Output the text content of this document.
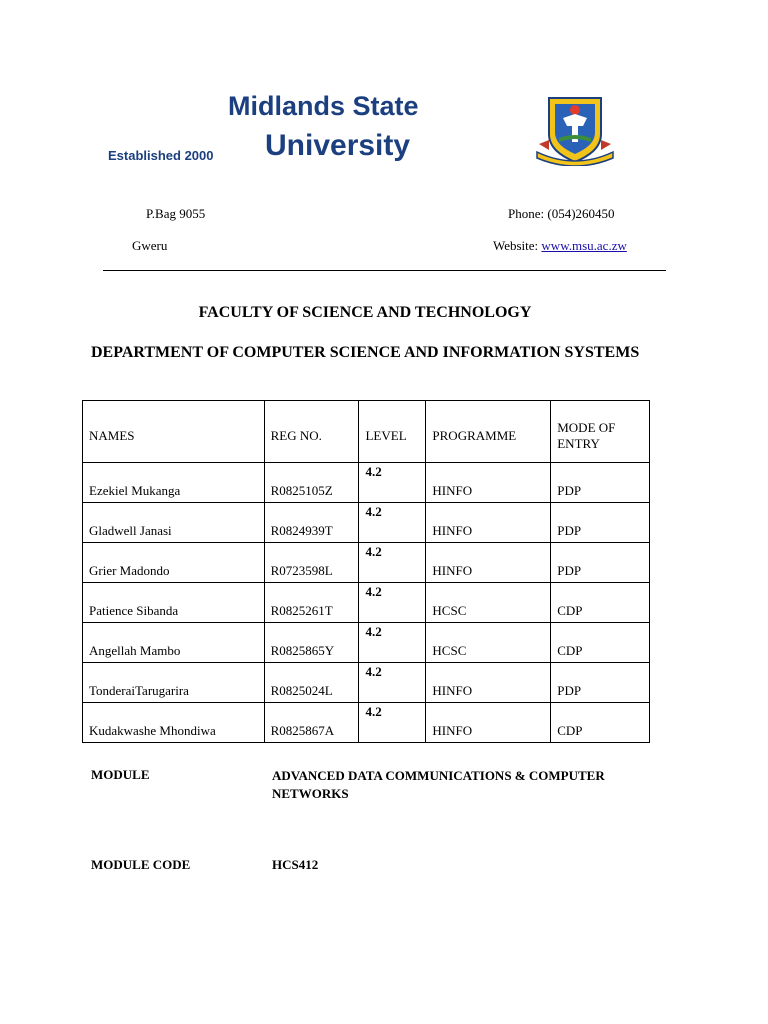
Midlands State
University
Established 2000
P.Bag 9055
Gweru
Phone: (054)260450
Website: www.msu.ac.zw
FACULTY OF SCIENCE AND TECHNOLOGY
DEPARTMENT OF COMPUTER SCIENCE AND INFORMATION SYSTEMS
NAMES	REG NO.	LEVEL	PROGRAMME	MODE OF ENTRY
Ezekiel Mukanga	R0825105Z	4.2	HINFO	PDP
Gladwell Janasi	R0824939T	4.2	HINFO	PDP
Grier Madondo	R0723598L	4.2	HINFO	PDP
Patience Sibanda	R0825261T	4.2	HCSC	CDP
Angellah Mambo	R0825865Y	4.2	HCSC	CDP
TonderaiTarugarira	R0825024L	4.2	HINFO	PDP
Kudakwashe Mhondiwa	R0825867A	4.2	HINFO	CDP
MODULE	ADVANCED DATA COMMUNICATIONS & COMPUTER NETWORKS
MODULE CODE	HCS412
